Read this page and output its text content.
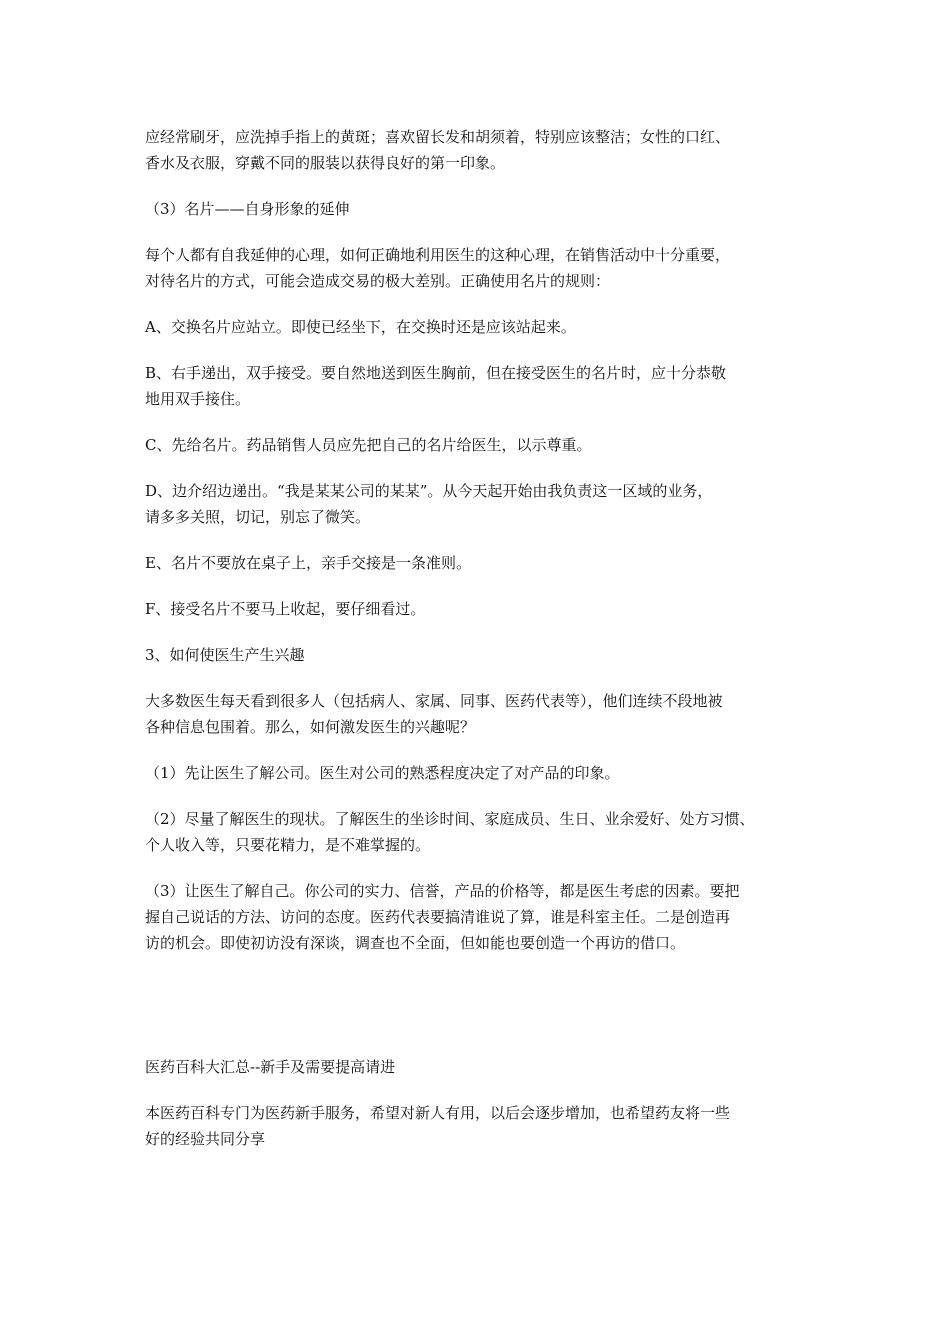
应经常刷牙，应洗掉手指上的黄斑；喜欢留长发和胡须着，特别应该整洁；女性的口红、
香水及衣服，穿戴不同的服装以获得良好的第一印象。

（3）名片——自身形象的延伸

每个人都有自我延伸的心理，如何正确地利用医生的这种心理，在销售活动中十分重要，
对待名片的方式，可能会造成交易的极大差别。正确使用名片的规则：

A、交换名片应站立。即使已经坐下，在交换时还是应该站起来。

B、右手递出，双手接受。要自然地送到医生胸前，但在接受医生的名片时，应十分恭敬
地用双手接住。

C、先给名片。药品销售人员应先把自己的名片给医生，以示尊重。

D、边介绍边递出。“我是某某公司的某某”。从今天起开始由我负责这一区域的业务，
请多多关照，切记，别忘了微笑。

E、名片不要放在桌子上，亲手交接是一条准则。

F、接受名片不要马上收起，要仔细看过。

3、如何使医生产生兴趣

大多数医生每天看到很多人（包括病人、家属、同事、医药代表等），他们连续不段地被
各种信息包围着。那么，如何激发医生的兴趣呢？

（1）先让医生了解公司。医生对公司的熟悉程度决定了对产品的印象。

（2）尽量了解医生的现状。了解医生的坐诊时间、家庭成员、生日、业余爱好、处方习惯、
个人收入等，只要花精力，是不难掌握的。

（3）让医生了解自己。你公司的实力、信誉，产品的价格等，都是医生考虑的因素。要把
握自己说话的方法、访问的态度。医药代表要搞清谁说了算，谁是科室主任。二是创造再
访的机会。即使初访没有深谈，调查也不全面，但如能也要创造一个再访的借口。

医药百科大汇总--新手及需要提高请进

本医药百科专门为医药新手服务，希望对新人有用，以后会逐步增加，也希望药友将一些
好的经验共同分享
